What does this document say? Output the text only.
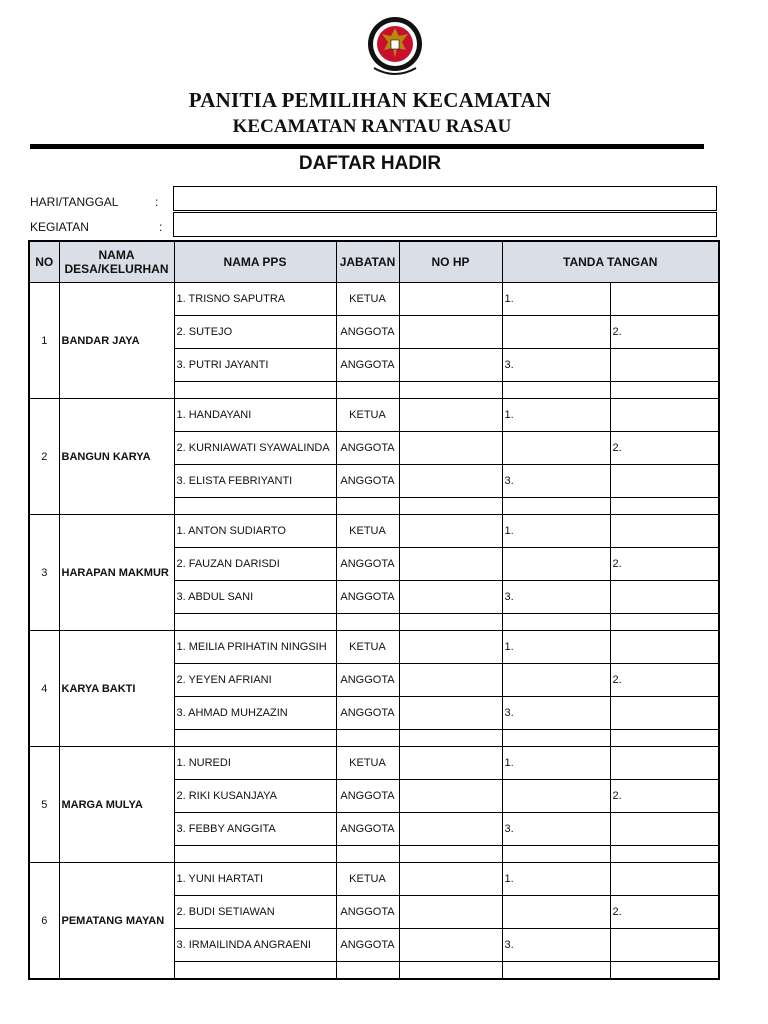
PANITIA PEMILIHAN KECAMATAN
KECAMATAN RANTAU RASAU
DAFTAR HADIR
HARI/TANGGAL	:
KEGIATAN	:
NO	NAMA DESA/KELURHAN	NAMA PPS	JABATAN	NO HP	TANDA TANGAN	
1	BANDAR JAYA	1. TRISNO SAPUTRA	KETUA		1.	
		2. SUTEJO	ANGGOTA			2.
		3. PUTRI JAYANTI	ANGGOTA		3.	

2	BANGUN KARYA	1. HANDAYANI	KETUA		1.	
		2. KURNIAWATI SYAWALINDA	ANGGOTA			2.
		3. ELISTA FEBRIYANTI	ANGGOTA		3.	

3	HARAPAN MAKMUR	1. ANTON SUDIARTO	KETUA		1.	
		2. FAUZAN DARISDI	ANGGOTA			2.
		3. ABDUL SANI	ANGGOTA		3.	

4	KARYA BAKTI	1. MEILIA PRIHATIN NINGSIH	KETUA		1.	
		2. YEYEN AFRIANI	ANGGOTA			2.
		3. AHMAD MUHZAZIN	ANGGOTA		3.	

5	MARGA MULYA	1. NUREDI	KETUA		1.	
		2. RIKI KUSANJAYA	ANGGOTA			2.
		3. FEBBY ANGGITA	ANGGOTA		3.	

6	PEMATANG MAYAN	1. YUNI HARTATI	KETUA		1.	
		2. BUDI SETIAWAN	ANGGOTA			2.
		3. IRMAILINDA ANGRAENI	ANGGOTA		3.	
